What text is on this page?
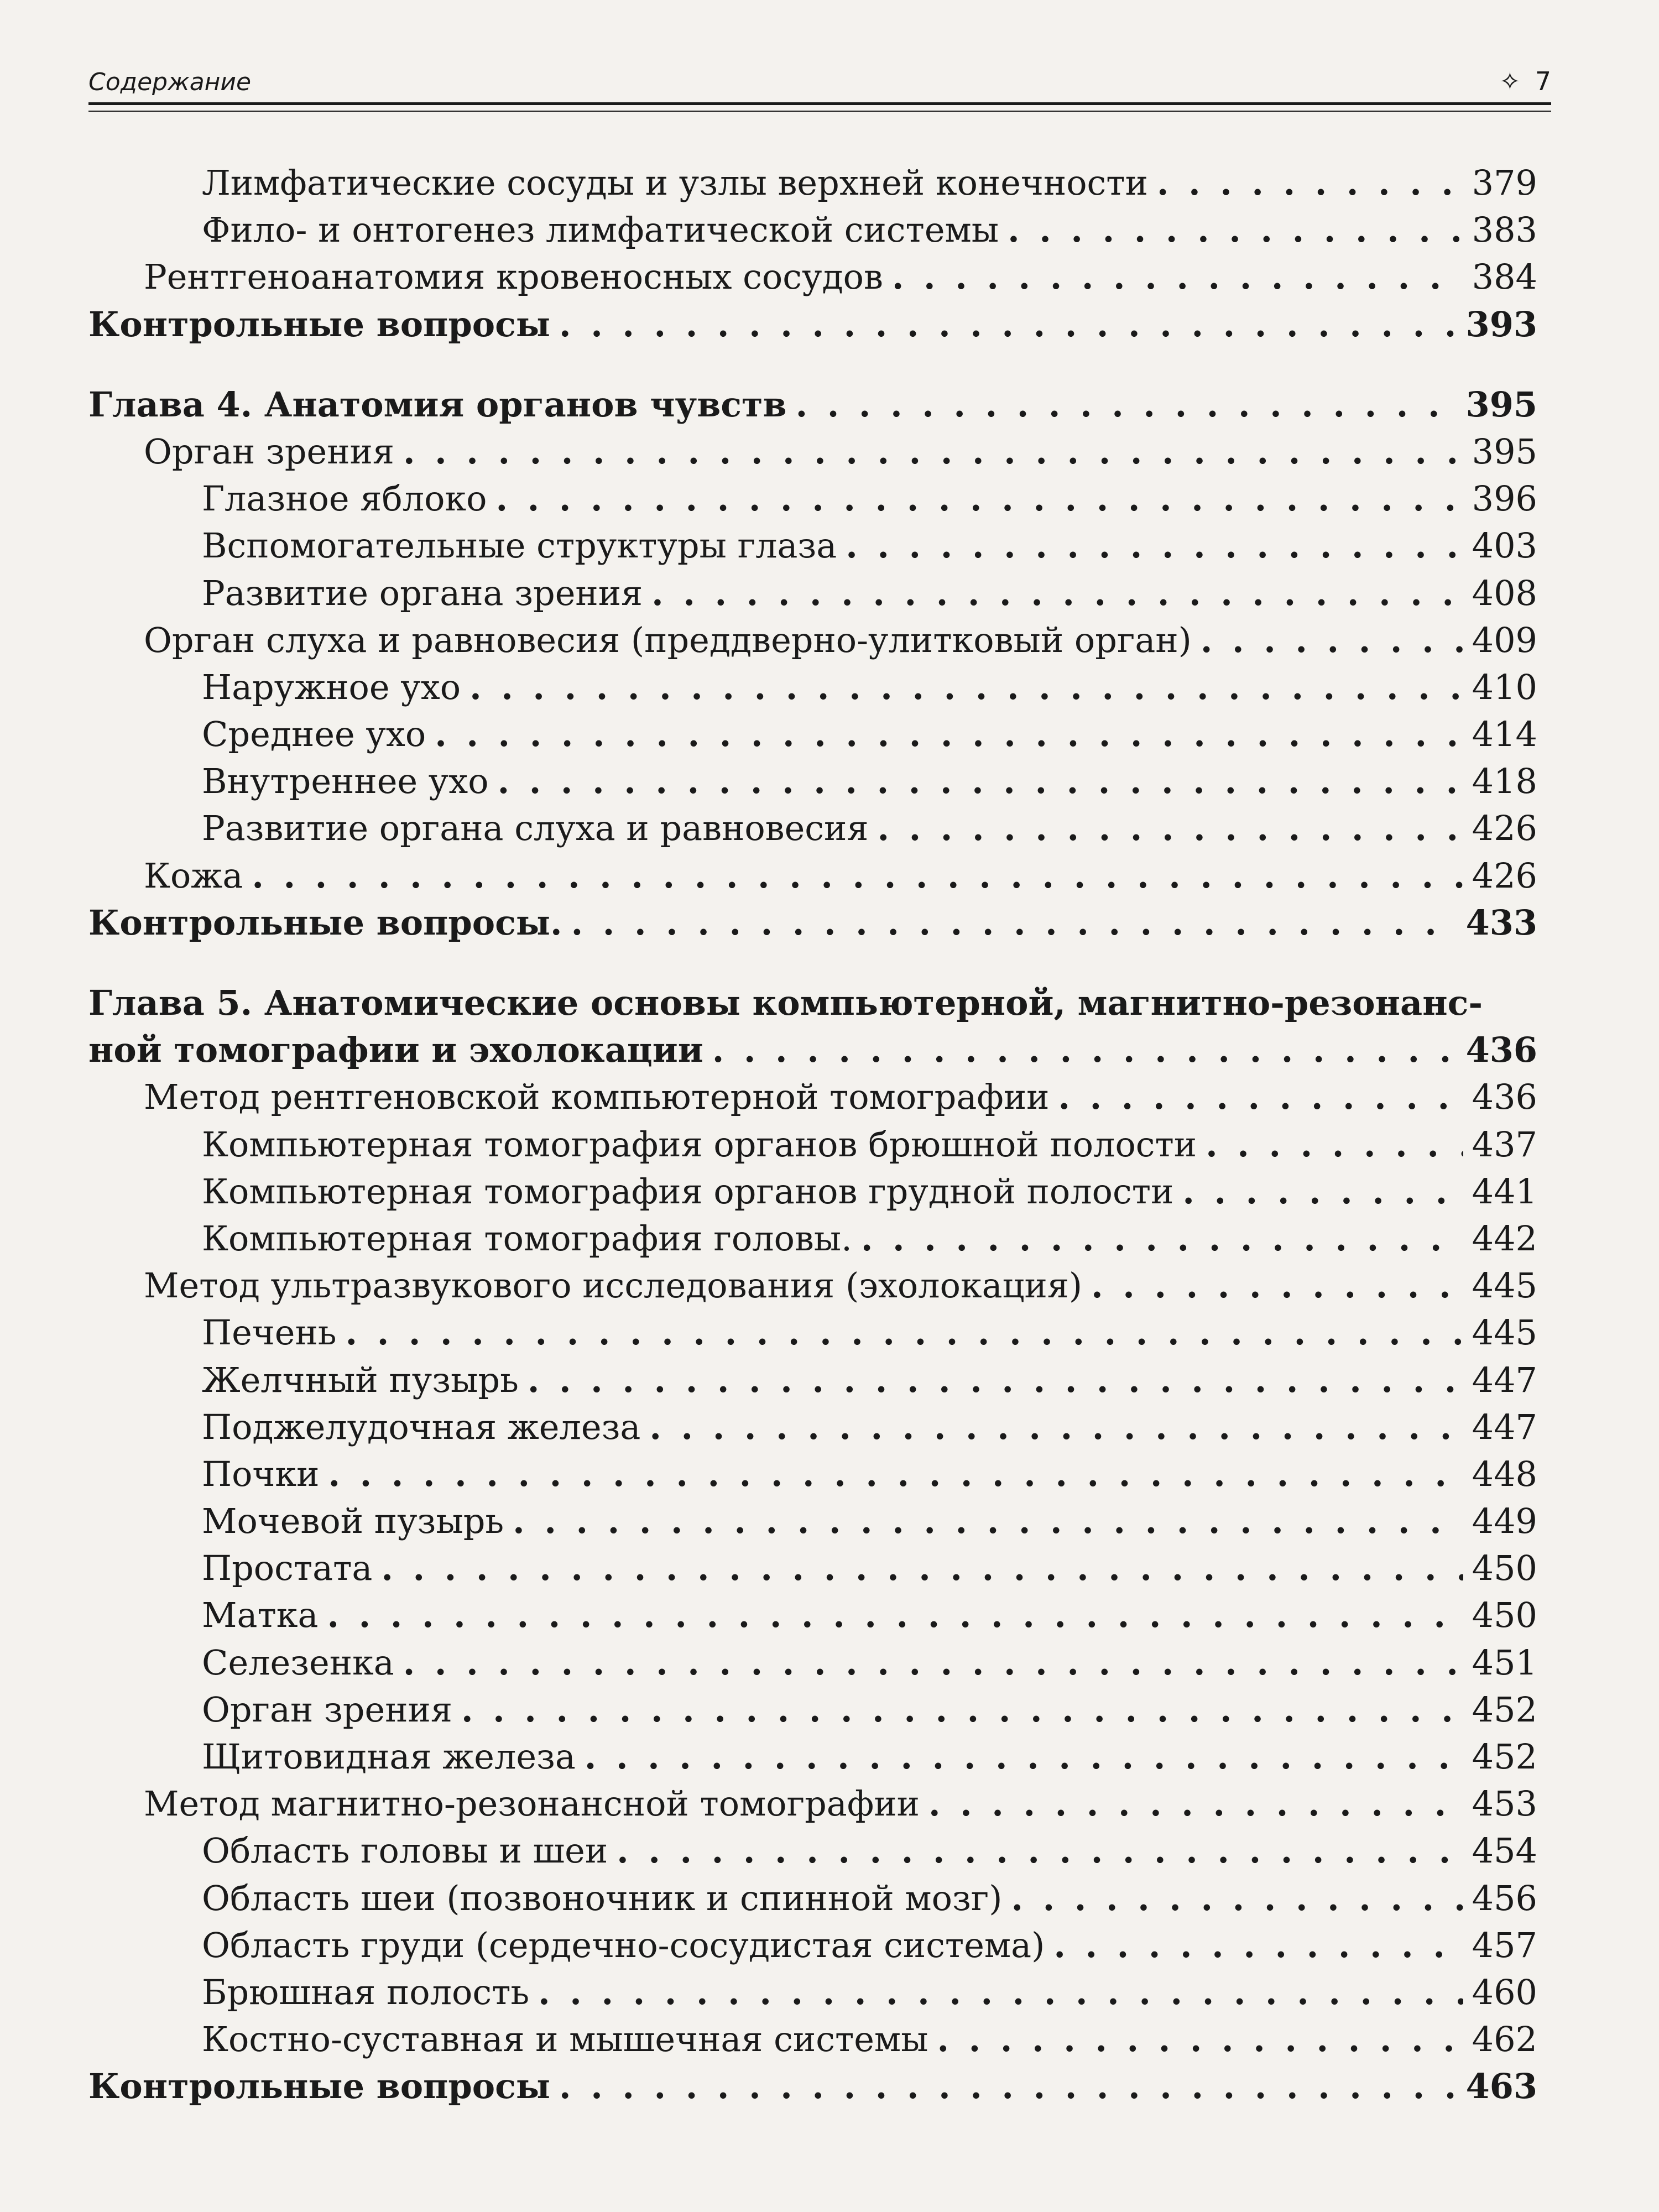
Содержание	✧ 7
Лимфатические сосуды и узлы верхней конечности . . .	379
Фило- и онтогенез лимфатической системы . . .	383
Рентгеноанатомия кровеносных сосудов . . .	384
Контрольные вопросы . . .	393
Глава 4. Анатомия органов чувств . . .	395
Орган зрения . . .	395
Глазное яблоко . . .	396
Вспомогательные структуры глаза . . .	403
Развитие органа зрения . . .	408
Орган слуха и равновесия (преддверно-улитковый орган) . . .	409
Наружное ухо . . .	410
Среднее ухо . . .	414
Внутреннее ухо . . .	418
Развитие органа слуха и равновесия . . .	426
Кожа . . .	426
Контрольные вопросы. . . .	433
Глава 5. Анатомические основы компьютерной, магнитно-резонанс-
ной томографии и эхолокации . . .	436
Метод рентгеновской компьютерной томографии . . .	436
Компьютерная томография органов брюшной полости . . .	437
Компьютерная томография органов грудной полости . . .	441
Компьютерная томография головы. . . .	442
Метод ультразвукового исследования (эхолокация) . . .	445
Печень . . .	445
Желчный пузырь . . .	447
Поджелудочная железа . . .	447
Почки . . .	448
Мочевой пузырь . . .	449
Простата . . .	450
Матка . . .	450
Селезенка . . .	451
Орган зрения . . .	452
Щитовидная железа . . .	452
Метод магнитно-резонансной томографии . . .	453
Область головы и шеи . . .	454
Область шеи (позвоночник и спинной мозг) . . .	456
Область груди (сердечно-сосудистая система) . . .	457
Брюшная полость . . .	460
Костно-суставная и мышечная системы . . .	462
Контрольные вопросы . . .	463
